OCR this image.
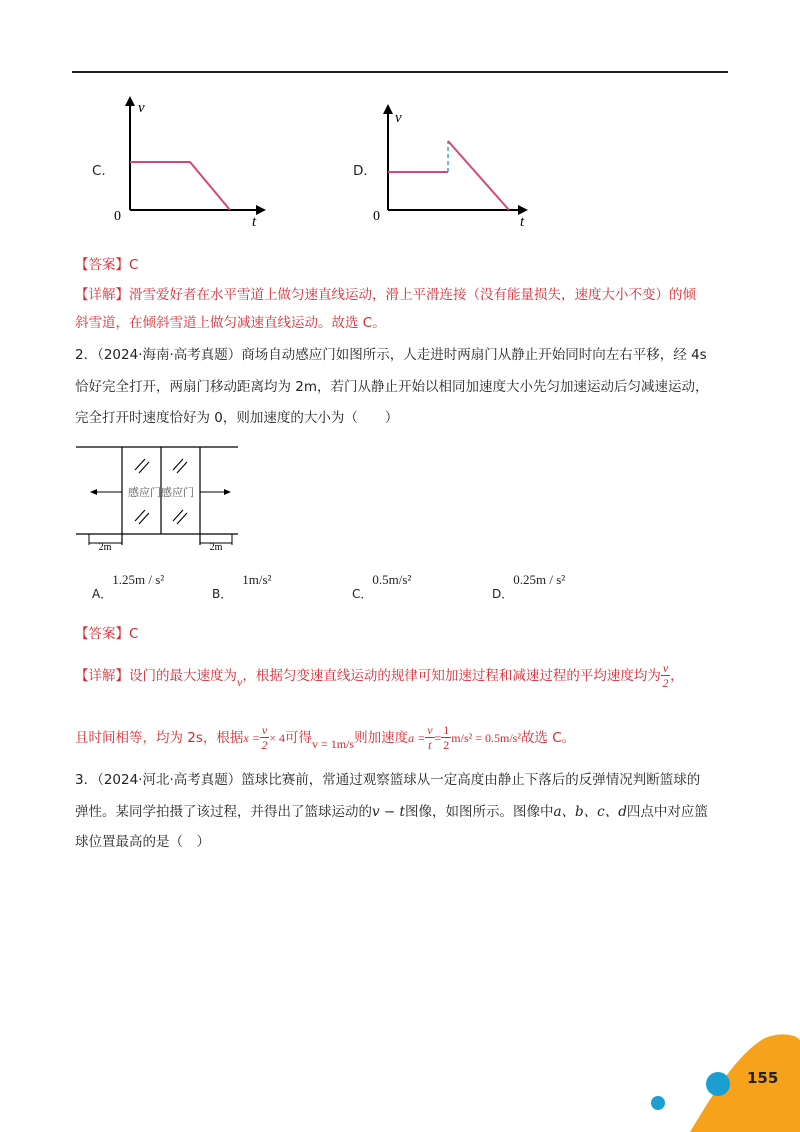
C.
v
t
0
D.
v
t
0
【答案】C
【详解】滑雪爱好者在水平雪道上做匀速直线运动，滑上平滑连接（没有能量损失，速度大小不变）的倾
斜雪道，在倾斜雪道上做匀减速直线运动。故选 C。
2．（2024·海南·高考真题）商场自动感应门如图所示，人走进时两扇门从静止开始同时向左右平移，经 4s
恰好完全打开，两扇门移动距离均为 2m，若门从静止开始以相同加速度大小先匀加速运动后匀减速运动，
完全打开时速度恰好为 0，则加速度的大小为（　　）
感应门感应门
2m	2m
A．1.25m / s²
B．1m/s²
C．0.5m/s²
D．0.25m / s²
【答案】C
【详解】设门的最大速度为v，根据匀变速直线运动的规律可知加速过程和减速过程的平均速度均为 $\frac{v}{2}$ ，
且时间相等，均为 2s，根据$x = \frac{v}{2} \times 4$可得v = 1m/s则加速度$a = \frac{v}{t} = \frac{1}{2} m/s^2 = 0.5m/s^2$故选 C。
3．（2024·河北·高考真题）篮球比赛前，常通过观察篮球从一定高度由静止下落后的反弹情况判断篮球的
弹性。某同学拍摄了该过程，并得出了篮球运动的v − t图像，如图所示。图像中a、b、c、d四点中对应篮
球位置最高的是（　）
155
